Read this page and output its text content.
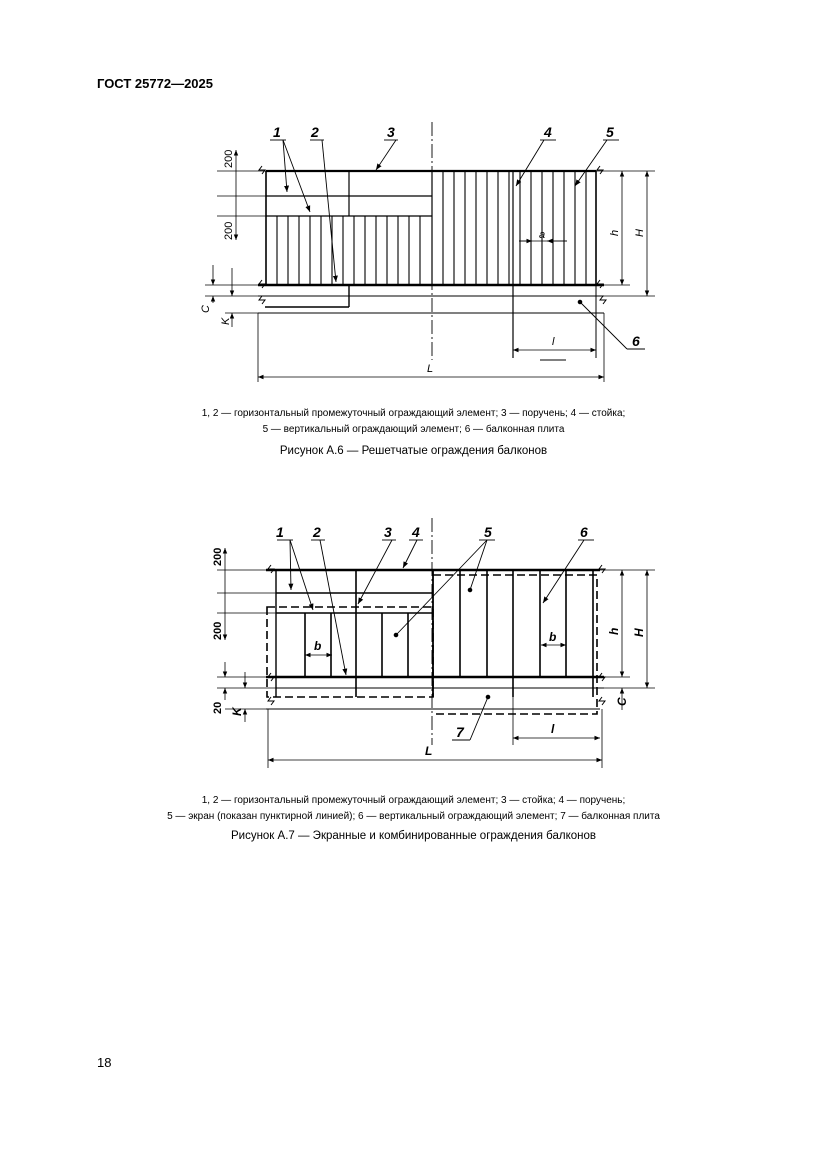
ГОСТ 25772—2025
1 2	3	4	5
6
200
200
C
K
h H
a
l
L
1, 2 — горизонтальный промежуточный ограждающий элемент; 3 — поручень; 4 — стойка;
5 — вертикальный ограждающий элемент; 6 — балконная плита
Рисунок А.6 — Решетчатые ограждения балконов
1 2	3 4	5	6
7
200
200
20 K
C
h H
b
b
l
L
1, 2 — горизонтальный промежуточный ограждающий элемент; 3 — стойка; 4 — поручень;
5 — экран (показан пунктирной линией); 6 — вертикальный ограждающий элемент; 7 — балконная плита
Рисунок А.7 — Экранные и комбинированные ограждения балконов
18
